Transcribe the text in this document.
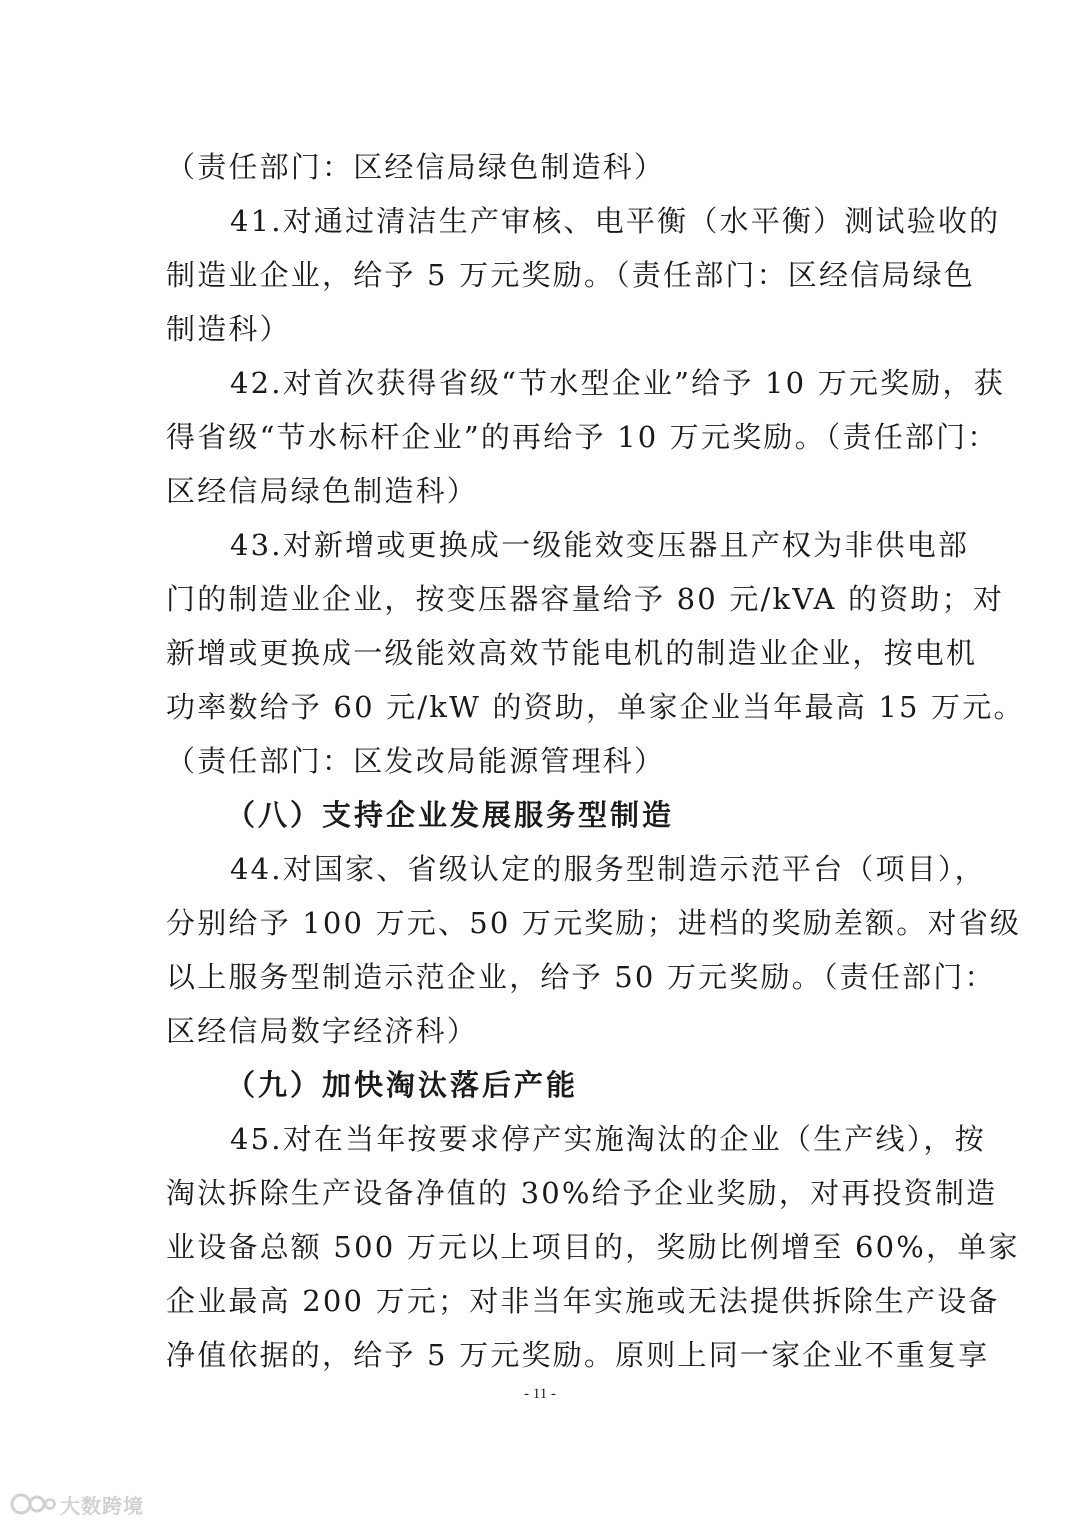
（责任部门：区经信局绿色制造科）
41.对通过清洁生产审核、电平衡（水平衡）测试验收的
制造业企业，给予 5 万元奖励。（责任部门：区经信局绿色
制造科）
42.对首次获得省级“节水型企业”给予 10 万元奖励，获
得省级“节水标杆企业”的再给予 10 万元奖励。（责任部门：
区经信局绿色制造科）
43.对新增或更换成一级能效变压器且产权为非供电部
门的制造业企业，按变压器容量给予 80 元/kVA 的资助；对
新增或更换成一级能效高效节能电机的制造业企业，按电机
功率数给予 60 元/kW 的资助，单家企业当年最高 15 万元。
（责任部门：区发改局能源管理科）
（八）支持企业发展服务型制造
44.对国家、省级认定的服务型制造示范平台（项目），
分别给予 100 万元、50 万元奖励；进档的奖励差额。对省级
以上服务型制造示范企业，给予 50 万元奖励。（责任部门：
区经信局数字经济科）
（九）加快淘汰落后产能
45.对在当年按要求停产实施淘汰的企业（生产线），按
淘汰拆除生产设备净值的 30%给予企业奖励，对再投资制造
业设备总额 500 万元以上项目的，奖励比例增至 60%，单家
企业最高 200 万元；对非当年实施或无法提供拆除生产设备
净值依据的，给予 5 万元奖励。原则上同一家企业不重复享
- 11 -
大数跨境
